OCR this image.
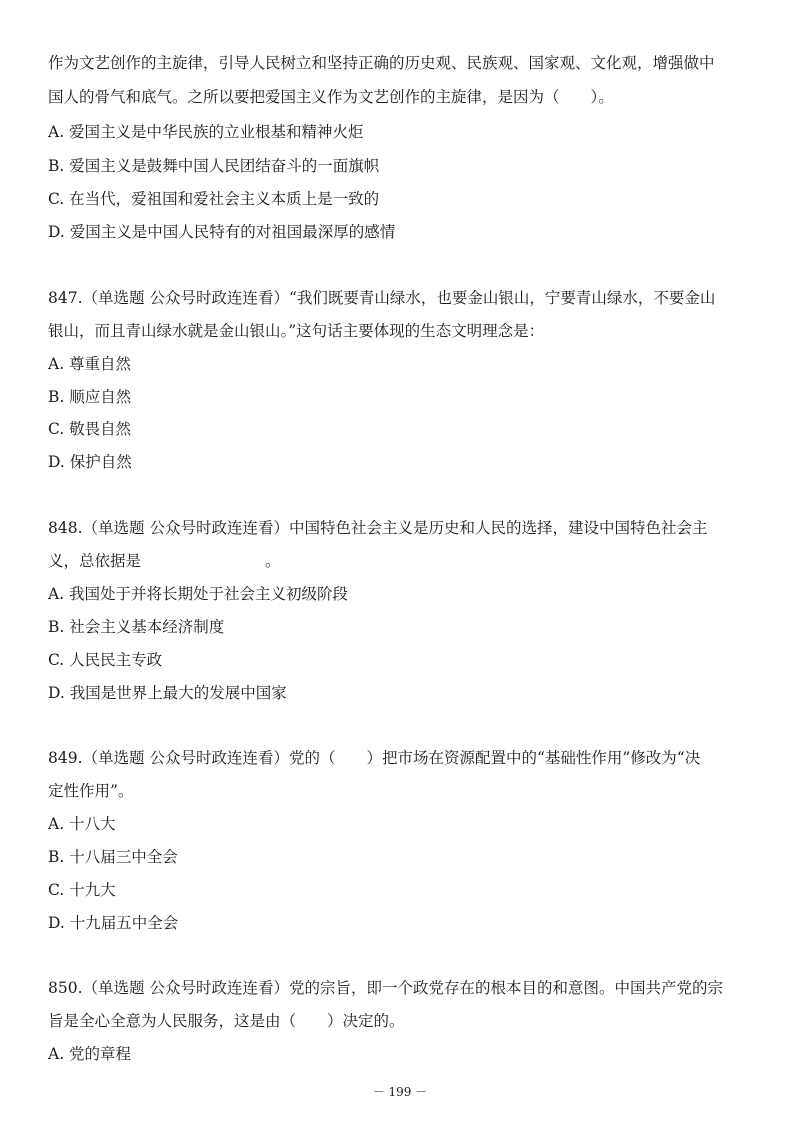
作为文艺创作的主旋律，引导人民树立和坚持正确的历史观、民族观、国家观、文化观，增强做中
国人的骨气和底气。之所以要把爱国主义作为文艺创作的主旋律，是因为（　　）。
A. 爱国主义是中华民族的立业根基和精神火炬
B. 爱国主义是鼓舞中国人民团结奋斗的一面旗帜
C. 在当代，爱祖国和爱社会主义本质上是一致的
D. 爱国主义是中国人民特有的对祖国最深厚的感情
847.（单选题 公众号时政连连看）“我们既要青山绿水，也要金山银山，宁要青山绿水，不要金山
银山，而且青山绿水就是金山银山。”这句话主要体现的生态文明理念是：
A. 尊重自然
B. 顺应自然
C. 敬畏自然
D. 保护自然
848.（单选题 公众号时政连连看）中国特色社会主义是历史和人民的选择，建设中国特色社会主
义，总依据是　　　　　　　　。
A. 我国处于并将长期处于社会主义初级阶段
B. 社会主义基本经济制度
C. 人民民主专政
D. 我国是世界上最大的发展中国家
849.（单选题 公众号时政连连看）党的（　　）把市场在资源配置中的“基础性作用”修改为“决
定性作用”。
A. 十八大
B. 十八届三中全会
C. 十九大
D. 十九届五中全会
850.（单选题 公众号时政连连看）党的宗旨，即一个政党存在的根本目的和意图。中国共产党的宗
旨是全心全意为人民服务，这是由（　　）决定的。
A. 党的章程
－ 199 －
